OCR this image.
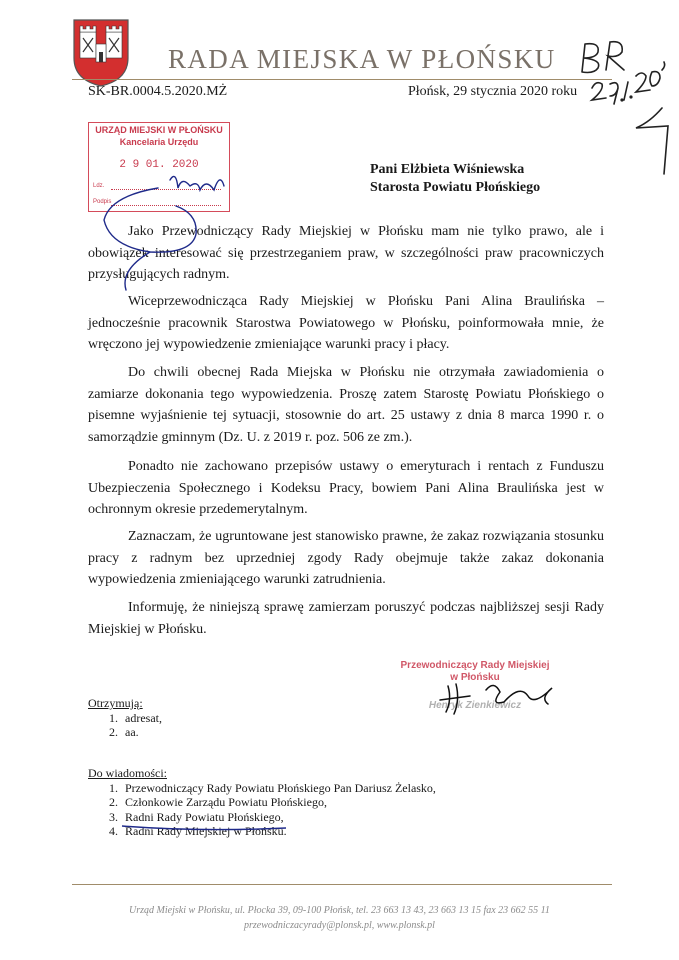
RADA MIEJSKA W PŁOŃSKU
SK-BR.0004.5.2020.MŻ	Płońsk, 29 stycznia 2020 roku
URZĄD MIEJSKI W PŁOŃSKU
Kancelaria Urzędu
2 9 01. 2020
Ldz.
Podpis
Pani Elżbieta Wiśniewska
Starosta Powiatu Płońskiego

Jako Przewodniczący Rady Miejskiej w Płońsku mam nie tylko prawo, ale i obowiązek interesować się przestrzeganiem praw, w szczególności praw pracowniczych przysługujących radnym.

Wiceprzewodnicząca Rady Miejskiej w Płońsku Pani Alina Braulińska – jednocześnie pracownik Starostwa Powiatowego w Płońsku, poinformowała mnie, że wręczono jej wypowiedzenie zmieniające warunki pracy i płacy.

Do chwili obecnej Rada Miejska w Płońsku nie otrzymała zawiadomienia o zamiarze dokonania tego wypowiedzenia. Proszę zatem Starostę Powiatu Płońskiego o pisemne wyjaśnienie tej sytuacji, stosownie do art. 25 ustawy z dnia 8 marca 1990 r. o samorządzie gminnym (Dz. U. z 2019 r. poz. 506 ze zm.).

Ponadto nie zachowano przepisów ustawy o emeryturach i rentach z Funduszu Ubezpieczenia Społecznego i Kodeksu Pracy, bowiem Pani Alina Braulińska jest w ochronnym okresie przedemerytalnym.

Zaznaczam, że ugruntowane jest stanowisko prawne, że zakaz rozwiązania stosunku pracy z radnym bez uprzedniej zgody Rady obejmuje także zakaz dokonania wypowiedzenia zmieniającego warunki zatrudnienia.

Informuję, że niniejszą sprawę zamierzam poruszyć podczas najbliższej sesji Rady Miejskiej w Płońsku.

Przewodniczący Rady Miejskiej
w Płońsku
Henryk Zienkiewicz
Otrzymują:
1. adresat,
2. aa.
Do wiadomości:
1. Przewodniczący Rady Powiatu Płońskiego Pan Dariusz Żelasko,
2. Członkowie Zarządu Powiatu Płońskiego,
3. Radni Rady Powiatu Płońskiego,
4. Radni Rady Miejskiej w Płońsku.
Urząd Miejski w Płońsku, ul. Płocka 39, 09-100 Płońsk, tel. 23 663 13 43, 23 663 13 15 fax 23 662 55 11
przewodniczacyrady@plonsk.pl, www.plonsk.pl
